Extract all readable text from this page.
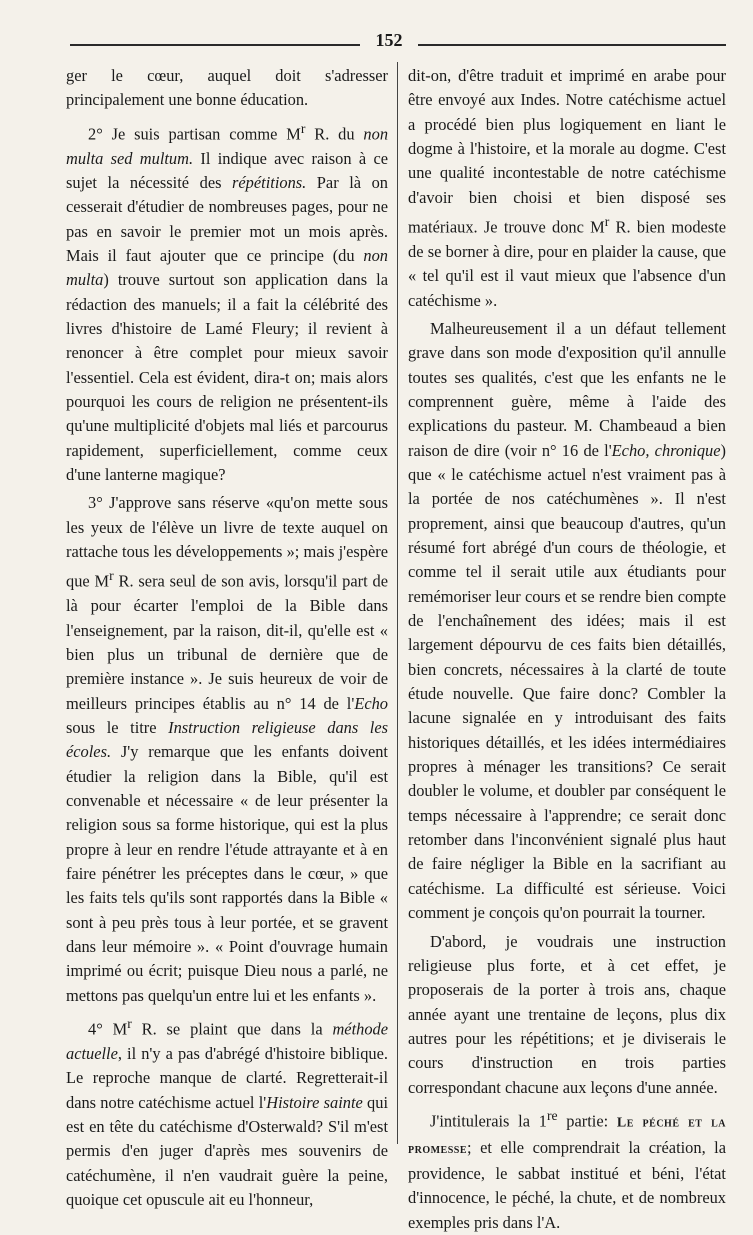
152

ger le cœur, auquel doit s'adresser principalement une bonne éducation.

2° Je suis partisan comme $M^r$ R. du non multa sed multum. Il indique avec raison à ce sujet la nécessité des répétitions. Par là on cesserait d'étudier de nombreuses pages, pour ne pas en savoir le premier mot un mois après. Mais il faut ajouter que ce principe (du non multa) trouve surtout son application dans la rédaction des manuels; il a fait la célébrité des livres d'histoire de Lamé Fleury; il revient à renoncer à être complet pour mieux savoir l'essentiel. Cela est évident, dira-t on; mais alors pourquoi les cours de religion ne présentent-ils qu'une multiplicité d'objets mal liés et parcourus rapidement, superficiellement, comme ceux d'une lanterne magique?

3° J'approve sans réserve «qu'on mette sous les yeux de l'élève un livre de texte auquel on rattache tous les développements »; mais j'espère que $M^r$ R. sera seul de son avis, lorsqu'il part de là pour écarter l'emploi de la Bible dans l'enseignement, par la raison, dit-il, qu'elle est « bien plus un tribunal de dernière que de première instance ». Je suis heureux de voir de meilleurs principes établis au n° 14 de l'Echo sous le titre Instruction religieuse dans les écoles. J'y remarque que les enfants doivent étudier la religion dans la Bible, qu'il est convenable et nécessaire « de leur présenter la religion sous sa forme historique, qui est la plus propre à leur en rendre l'étude attrayante et à en faire pénétrer les préceptes dans le cœur, » que les faits tels qu'ils sont rapportés dans la Bible « sont à peu près tous à leur portée, et se gravent dans leur mémoire ». « Point d'ouvrage humain imprimé ou écrit; puisque Dieu nous a parlé, ne mettons pas quelqu'un entre lui et les enfants ».

4° $M^r$ R. se plaint que dans la méthode actuelle, il n'y a pas d'abrégé d'histoire biblique. Le reproche manque de clarté. Regretterait-il dans notre catéchisme actuel l'Histoire sainte qui est en tête du catéchisme d'Osterwald? S'il m'est permis d'en juger d'après mes souvenirs de catéchumène, il n'en vaudrait guère la peine, quoique cet opuscule ait eu l'honneur,

dit-on, d'être traduit et imprimé en arabe pour être envoyé aux Indes. Notre catéchisme actuel a procédé bien plus logiquement en liant le dogme à l'histoire, et la morale au dogme. C'est une qualité incontestable de notre catéchisme d'avoir bien choisi et bien disposé ses matériaux. Je trouve donc $M^r$ R. bien modeste de se borner à dire, pour en plaider la cause, que « tel qu'il est il vaut mieux que l'absence d'un catéchisme ».

Malheureusement il a un défaut tellement grave dans son mode d'exposition qu'il annulle toutes ses qualités, c'est que les enfants ne le comprennent guère, même à l'aide des explications du pasteur. M. Chambeaud a bien raison de dire (voir n° 16 de l'Echo, chronique) que « le catéchisme actuel n'est vraiment pas à la portée de nos catéchumènes ». Il n'est proprement, ainsi que beaucoup d'autres, qu'un résumé fort abrégé d'un cours de théologie, et comme tel il serait utile aux étudiants pour remémoriser leur cours et se rendre bien compte de l'enchaînement des idées; mais il est largement dépourvu de ces faits bien détaillés, bien concrets, nécessaires à la clarté de toute étude nouvelle. Que faire donc? Combler la lacune signalée en y introduisant des faits historiques détaillés, et les idées intermédiaires propres à ménager les transitions? Ce serait doubler le volume, et doubler par conséquent le temps nécessaire à l'apprendre; ce serait donc retomber dans l'inconvénient signalé plus haut de faire négliger la Bible en la sacrifiant au catéchisme. La difficulté est sérieuse. Voici comment je conçois qu'on pourrait la tourner.

D'abord, je voudrais une instruction religieuse plus forte, et à cet effet, je proposerais de la porter à trois ans, chaque année ayant une trentaine de leçons, plus dix autres pour les répétitions; et je diviserais le cours d'instruction en trois parties correspondant chacune aux leçons d'une année.

J'intitulerais la 1re partie: Le péché et la promesse; et elle comprendrait la création, la providence, le sabbat institué et béni, l'état d'innocence, le péché, la chute, et de nombreux exemples pris dans l'A.
